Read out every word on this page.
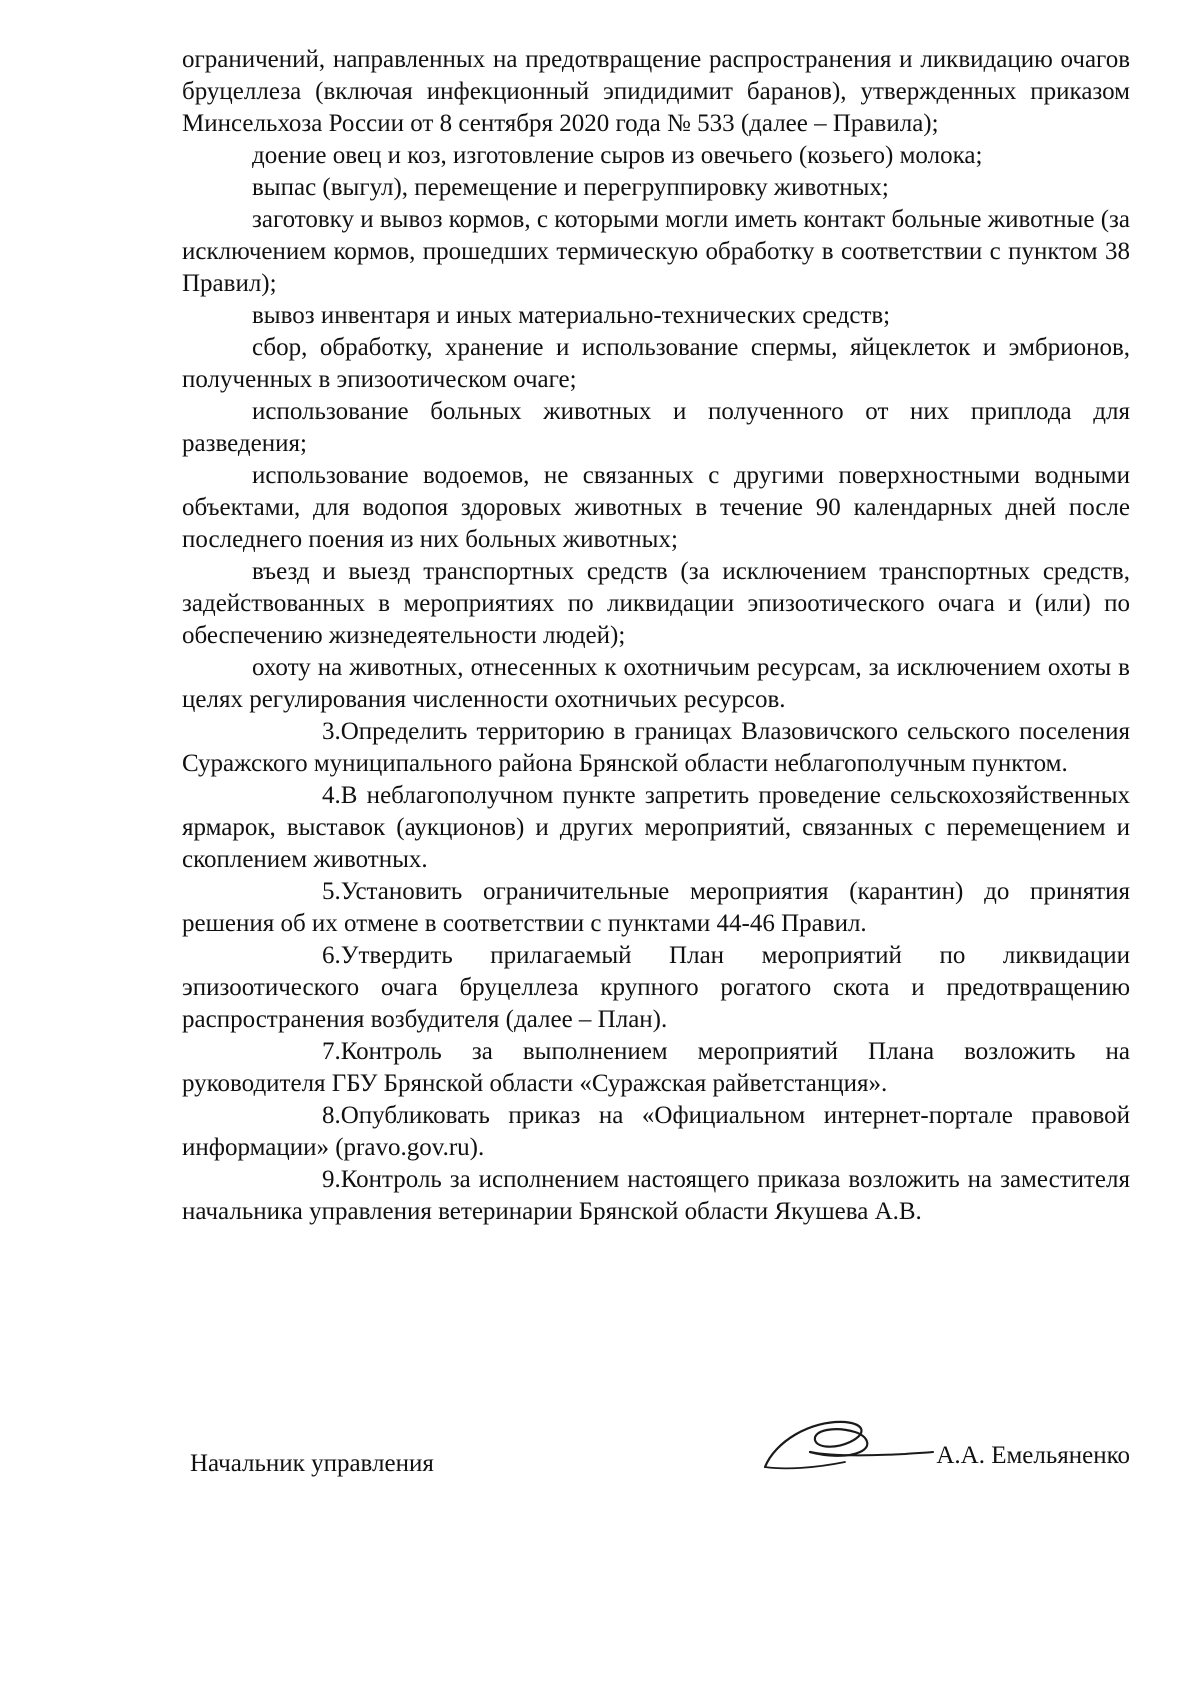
ограничений, направленных на предотвращение распространения и ликвидацию очагов бруцеллеза (включая инфекционный эпидидимит баранов), утвержденных приказом Минсельхоза России от 8 сентября 2020 года № 533 (далее – Правила);

доение овец и коз, изготовление сыров из овечьего (козьего) молока;

выпас (выгул), перемещение и перегруппировку животных;

заготовку и вывоз кормов, с которыми могли иметь контакт больные животные (за исключением кормов, прошедших термическую обработку в соответствии с пунктом 38 Правил);

вывоз инвентаря и иных материально-технических средств;

сбор, обработку, хранение и использование спермы, яйцеклеток и эмбрионов, полученных в эпизоотическом очаге;

использование больных животных и полученного от них приплода для разведения;

использование водоемов, не связанных с другими поверхностными водными объектами, для водопоя здоровых животных в течение 90 календарных дней после последнего поения из них больных животных;

въезд и выезд транспортных средств (за исключением транспортных средств, задействованных в мероприятиях по ликвидации эпизоотического очага и (или) по обеспечению жизнедеятельности людей);

охоту на животных, отнесенных к охотничьим ресурсам, за исключением охоты в целях регулирования численности охотничьих ресурсов.

3.Определить территорию в границах Влазовичского сельского поселения Суражского муниципального района Брянской области неблагополучным пунктом.

4.В неблагополучном пункте запретить проведение сельскохозяйственных ярмарок, выставок (аукционов) и других мероприятий, связанных с перемещением и скоплением животных.

5.Установить ограничительные мероприятия (карантин) до принятия решения об их отмене в соответствии с пунктами 44-46 Правил.

6.Утвердить прилагаемый План мероприятий по ликвидации эпизоотического очага бруцеллеза крупного рогатого скота и предотвращению распространения возбудителя (далее – План).

7.Контроль за выполнением мероприятий Плана возложить на руководителя ГБУ Брянской области «Суражская райветстанция».

8.Опубликовать приказ на «Официальном интернет-портале правовой информации» (pravo.gov.ru).

9.Контроль за исполнением настоящего приказа возложить на заместителя начальника управления ветеринарии Брянской области Якушева А.В.

Начальник управления	А.А. Емельяненко
